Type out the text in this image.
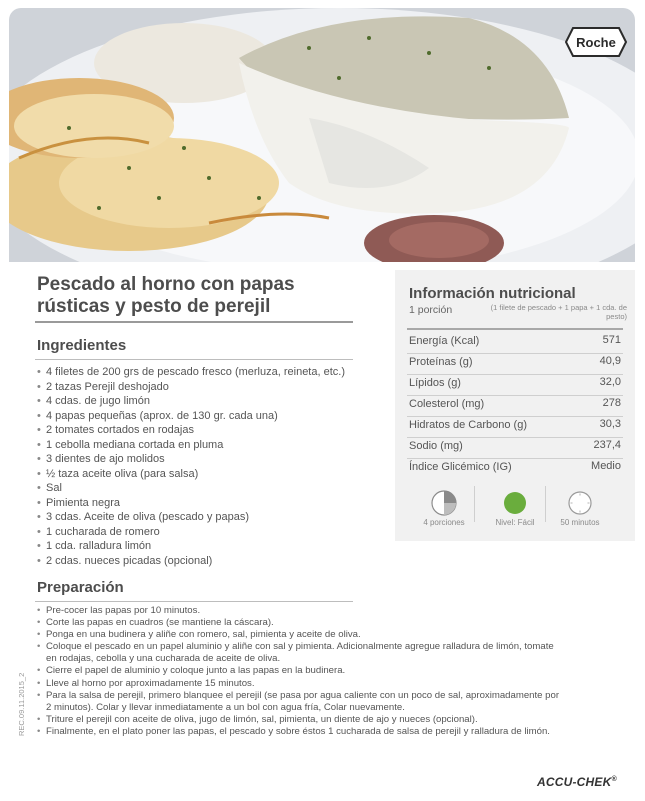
Roche
Pescado al horno con papas
rústicas y pesto de perejil
Ingredientes
• 4 filetes de 200 grs de pescado fresco (merluza, reineta, etc.)
• 2 tazas Perejil deshojado
• 4 cdas. de jugo limón
• 4 papas pequeñas (aprox. de 130 gr. cada una)
• 2 tomates cortados en rodajas
• 1 cebolla mediana cortada en pluma
• 3 dientes de ajo molidos
• ½ taza aceite oliva (para salsa)
• Sal
• Pimienta negra
• 3 cdas. Aceite de oliva (pescado y papas)
• 1 cucharada de romero
• 1 cda. ralladura limón
• 2 cdas. nueces picadas (opcional)
Preparación
• Pre-cocer las papas por 10 minutos.
• Corte las papas en cuadros (se mantiene la cáscara).
• Ponga en una budinera y aliñe con romero, sal, pimienta y aceite de oliva.
• Coloque el pescado en un papel aluminio y aliñe con sal y pimienta. Adicionalmente agregue ralladura de limón, tomate en rodajas, cebolla y una cucharada de aceite de oliva.
• Cierre el papel de aluminio y coloque junto a las papas en la budinera.
• Lleve al horno por aproximadamente 15 minutos.
• Para la salsa de perejil, primero blanquee el perejil (se pasa por agua caliente con un poco de sal, aproximadamente por 2 minutos). Colar y llevar inmediatamente a un bol con agua fría, Colar nuevamente.
• Triture el perejil con aceite de oliva, jugo de limón, sal, pimienta, un diente de ajo y nueces (opcional).
• Finalmente, en el plato poner las papas, el pescado y sobre éstos 1 cucharada de salsa de perejil y ralladura de limón.
Información nutricional
1 porción	(1 filete de pescado + 1 papa + 1 cda. de pesto)
Energía (Kcal)	571
Proteínas (g)	40,9
Lípidos (g)	32,0
Colesterol (mg)	278
Hidratos de Carbono (g)	30,3
Sodio (mg)	237,4
Índice Glicémico (IG)	Medio
4 porciones	Nivel: Fácil	50 minutos
REC.09.11.2015_2
ACCU-CHEK®
